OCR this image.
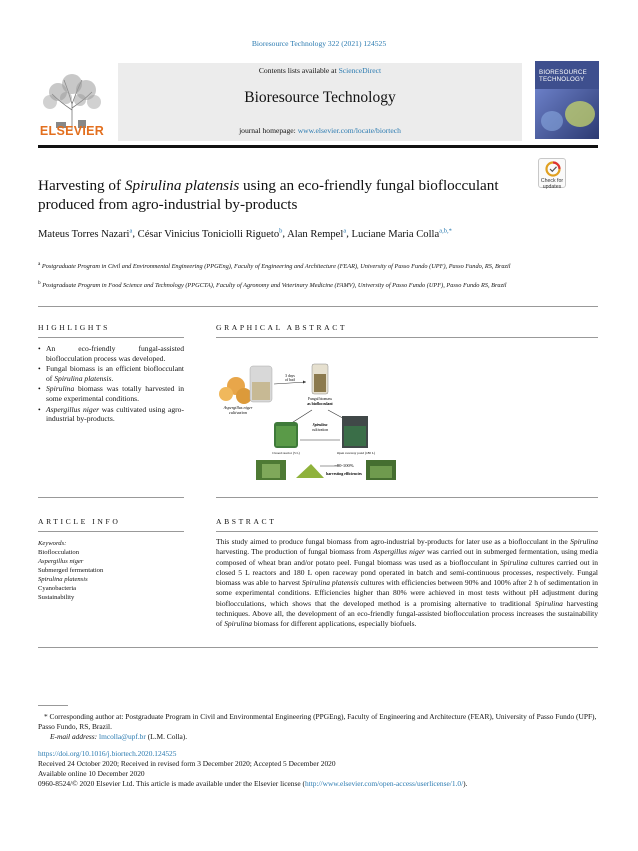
Bioresource Technology 322 (2021) 124525
ELSEVIER
Contents lists available at ScienceDirect
Bioresource Technology
journal homepage: www.elsevier.com/locate/biortech
BIORESOURCE
TECHNOLOGY
Harvesting of Spirulina platensis using an eco-friendly fungal bioflocculant produced from agro-industrial by-products
Check for
updates
Mateus Torres Nazari$^a$, César Vinicius Toniciolli Rigueto$^b$, Alan Rempel$^a$, Luciane Maria Colla$^{a,b,*}$
$^a$ Postgraduate Program in Civil and Environmental Engineering (PPGEng), Faculty of Engineering and Architecture (FEAR), University of Passo Fundo (UPF), Passo Fundo, RS, Brazil
$^b$ Postgraduate Program in Food Science and Technology (PPGCTA), Faculty of Agronomy and Veterinary Medicine (FAMV), University of Passo Fundo (UPF), Passo Fundo RS, Brazil
HIGHLIGHTS
• An eco-friendly fungal-assisted bioflocculation process was developed.
• Fungal biomass is an efficient bioflocculant of Spirulina platensis.
• Spirulina biomass was totally harvested in some experimental conditions.
• Aspergillus niger was cultivated using agro-industrial by-products.
GRAPHICAL ABSTRACT
Aspergillus niger
cultivation
3 days
of batf
Fungal biomass
as bioflocculant
Spirulina
cultivation
Closed reactor (5 L)	Open raceway pond (180 L)
~90-100%
harvesting efficiencies
ARTICLE INFO
Keywords:
Bioflocculation
Aspergillus niger
Submerged fermentation
Spirulina platensis
Cyanobacteria
Sustainability
ABSTRACT
This study aimed to produce fungal biomass from agro-industrial by-products for later use as a bioflocculant in the Spirulina harvesting. The production of fungal biomass from Aspergillus niger was carried out in submerged fermentation, using media composed of wheat bran and/or potato peel. Fungal biomass was used as a bioflocculant in Spirulina cultures carried out in closed 5 L reactors and 180 L open raceway pond operated in batch and semi-continuous processes, respectively. Fungal biomass was able to harvest Spirulina platensis cultures with efficiencies between 90% and 100% after 2 h of sedimentation in some experimental conditions. Efficiencies higher than 80% were achieved in most tests without pH adjustment during bioflocculations, which shows that the developed method is a promising alternative to traditional Spirulina harvesting techniques. Above all, the development of an eco-friendly fungal-assisted bioflocculation process increases the sustainability of Spirulina biomass for different applications, especially biofuels.
* Corresponding author at: Postgraduate Program in Civil and Environmental Engineering (PPGEng), Faculty of Engineering and Architecture (FEAR), University of Passo Fundo (UPF), Passo Fundo, RS, Brazil.
E-mail address: lmcolla@upf.br (L.M. Colla).
https://doi.org/10.1016/j.biortech.2020.124525
Received 24 October 2020; Received in revised form 3 December 2020; Accepted 5 December 2020
Available online 10 December 2020
0960-8524/© 2020 Elsevier Ltd. This article is made available under the Elsevier license (http://www.elsevier.com/open-access/userlicense/1.0/).
